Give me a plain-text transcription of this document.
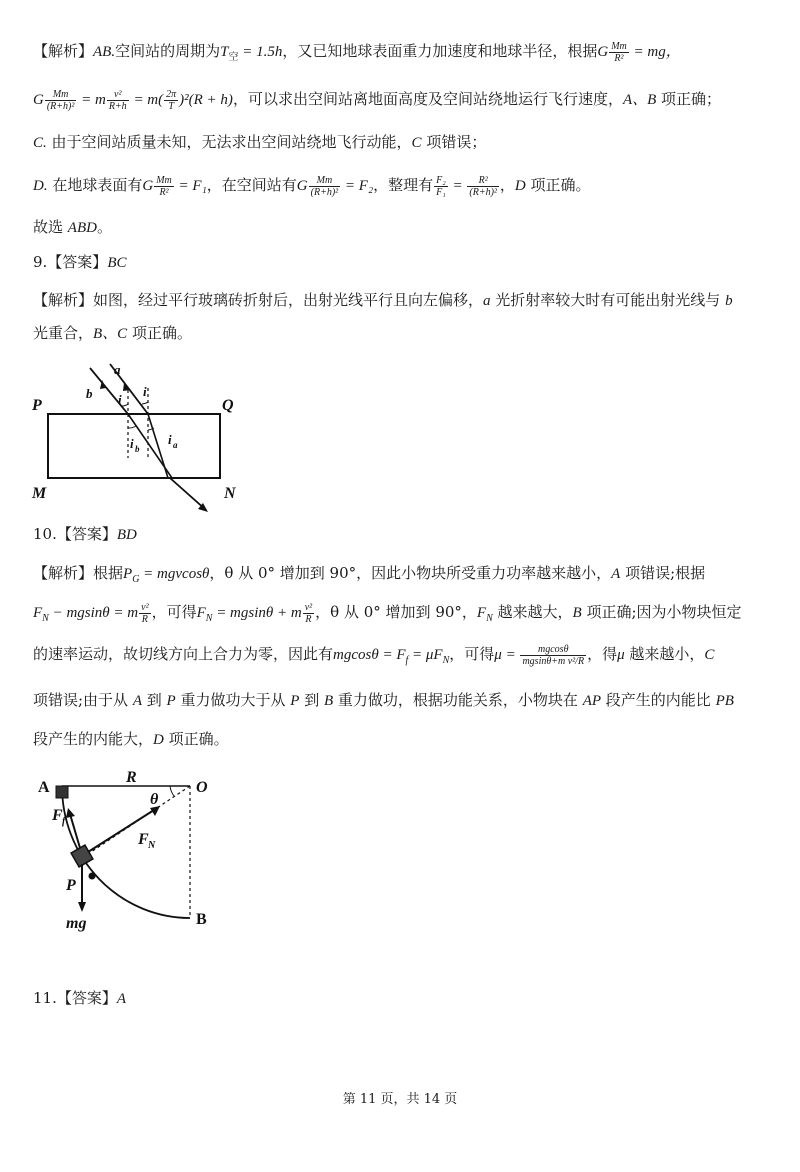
【解析】AB.空间站的周期为$T_空 = 1.5h$，又已知地球表面重力加速度和地球半径，根据G $\frac{Mm}{\text{R²}}$ = mg，
G $\frac{Mm}{\text{(R+h)²}} = m \frac{\text{v²}}{R+h} = m( \frac{2\pi}{T} )^2(R + h)$，可以求出空间站离地面高度及空间站绕地运行飞行速度，A、B 项正确；
C. 由于空间站质量未知，无法求出空间站绕地飞行动能，C 项错误；
D. 在地球表面有G $\frac{Mm}{\text{R²}} = F_1$，在空间站有G $\frac{Mm}{\text{(R+h)²}} = F_2$，整理有 $\frac{\text{F₂}}{\text{F₁}} = \frac{\text{R²}}{\text{(R+h)²}}$ ，D 项正确。
故选 ABD。
9.【答案】BC
【解析】如图，经过平行玻璃砖折射后，出射光线平行且向左偏移，a 光折射率较大时有可能出射光线与 b
光重合，B、C 项正确。
P	Q
M	N
a
b i
i
i b
i a
10.【答案】BD
【解析】根据$P_G = mgvcos\theta$，θ 从 0° 增加到 90°，因此小物块所受重力功率越来越小，A 项错误;根据
$F_N - mgsin\theta = m \frac{\text{v²}}{R}$ ，可得$F_N = mgsin\theta + m \frac{\text{v²}}{R}$ ，θ 从 0° 增加到 90°，$F_N$ 越来越大，B 项正确;因为小物块恒定
的速率运动，故切线方向上合力为零，因此有$mgcos\theta = F_f = \mu F_N$，可得$\mu = \frac{mgcos\theta}{\text{mgsinθ+m v²/R}}$ ，得μ 越来越小，C
项错误;由于从 A 到 P 重力做功大于从 P 到 B 重力做功，根据功能关系，小物块在 AP 段产生的内能比 PB
段产生的内能大，D 项正确。
A
R
O
θ
F f
F N
P
mg	B
11.【答案】A
第 11 页，共 14 页
